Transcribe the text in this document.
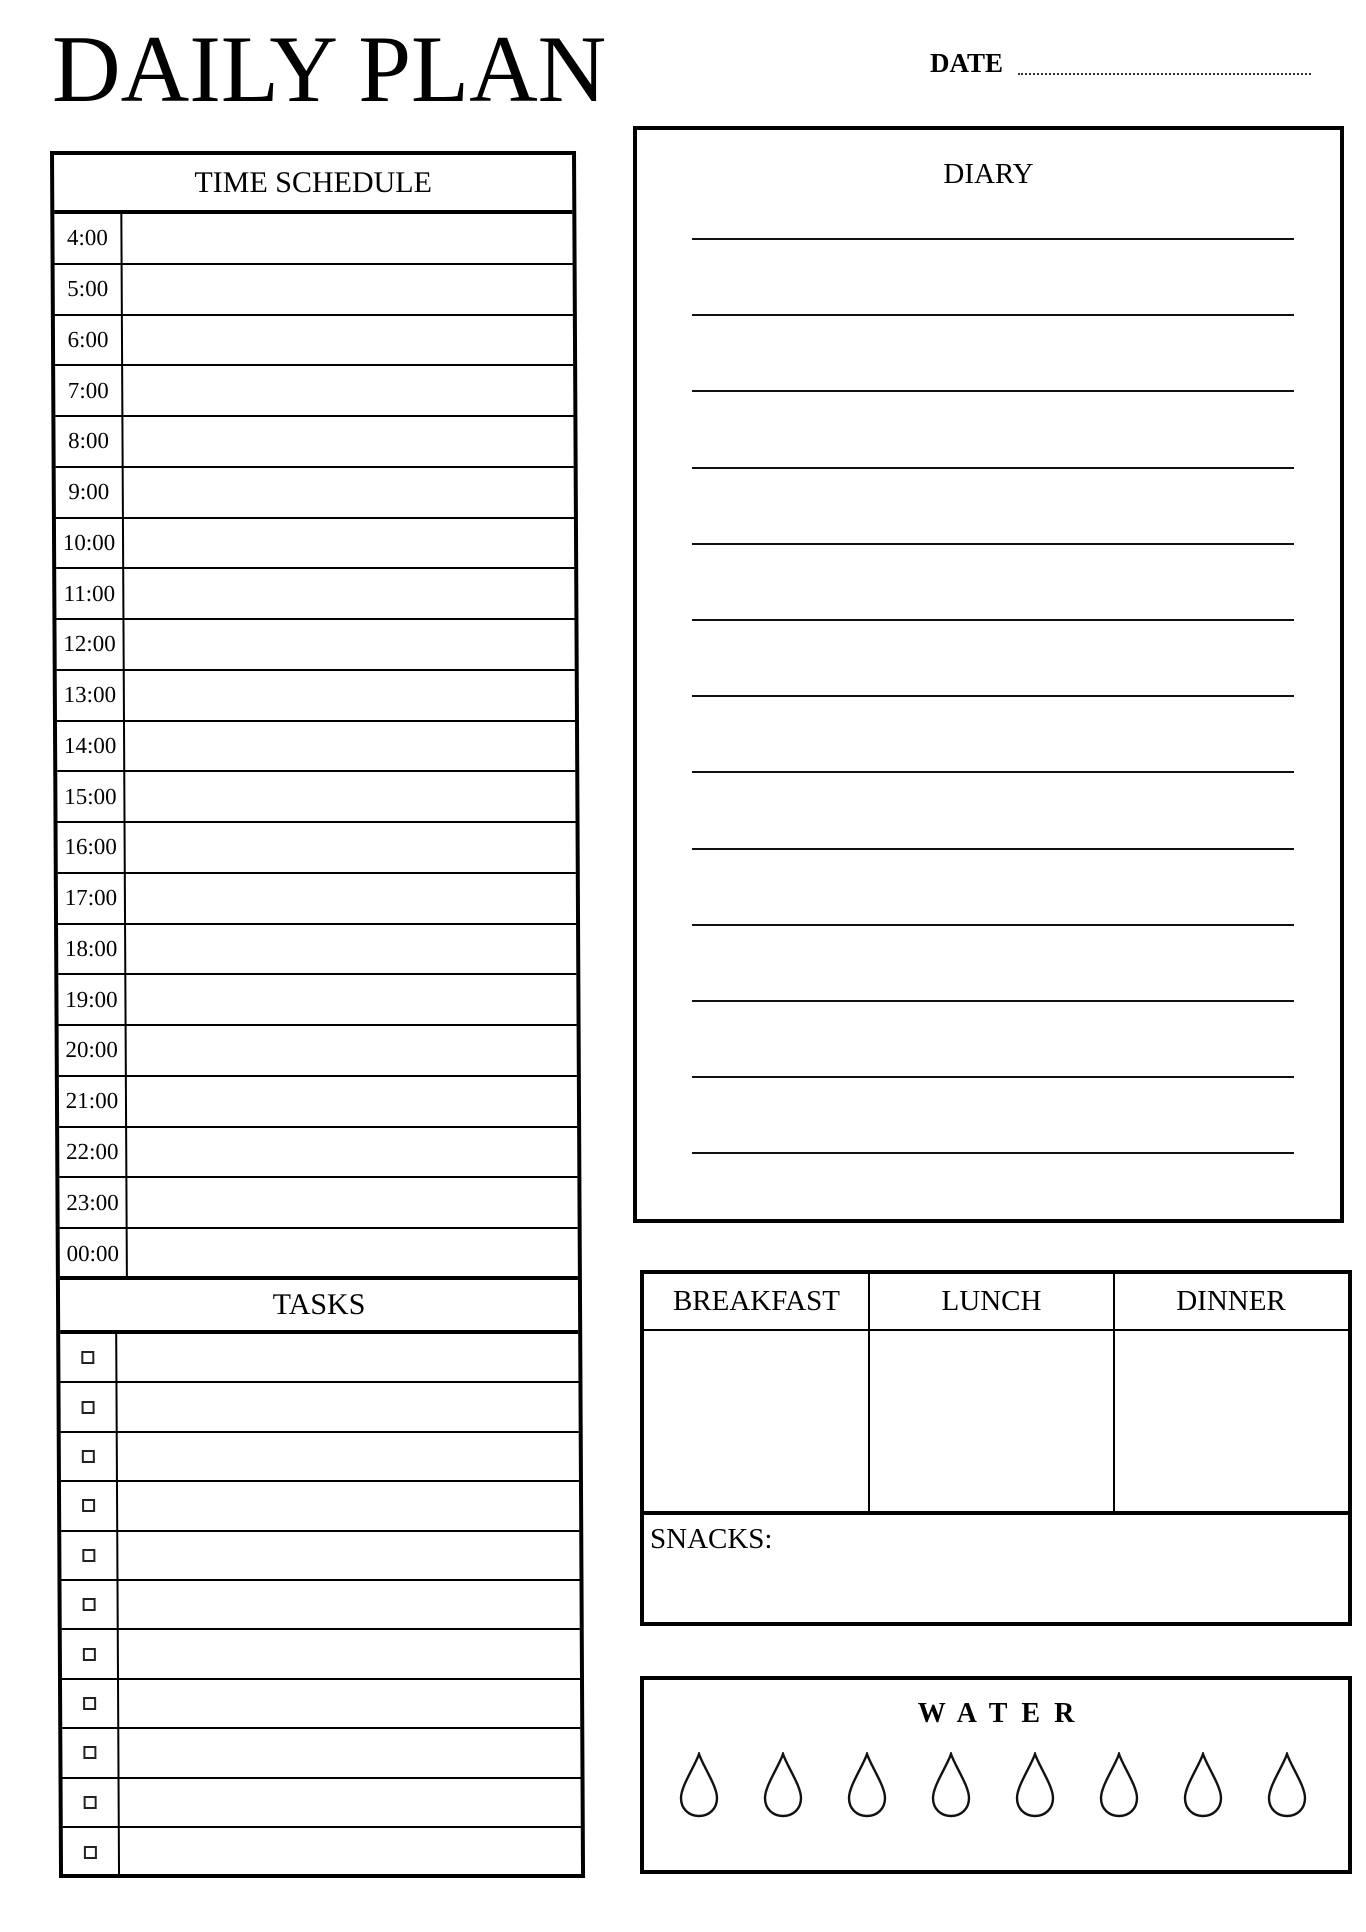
DAILY PLAN	DATE
TIME SCHEDULE
4:00
5:00
6:00
7:00
8:00
9:00
10:00
11:00
12:00
13:00
14:00
15:00
16:00
17:00
18:00
19:00
20:00
21:00
22:00
23:00
00:00
TASKS
DIARY
BREAKFAST	LUNCH	DINNER
SNACKS:
WATER
